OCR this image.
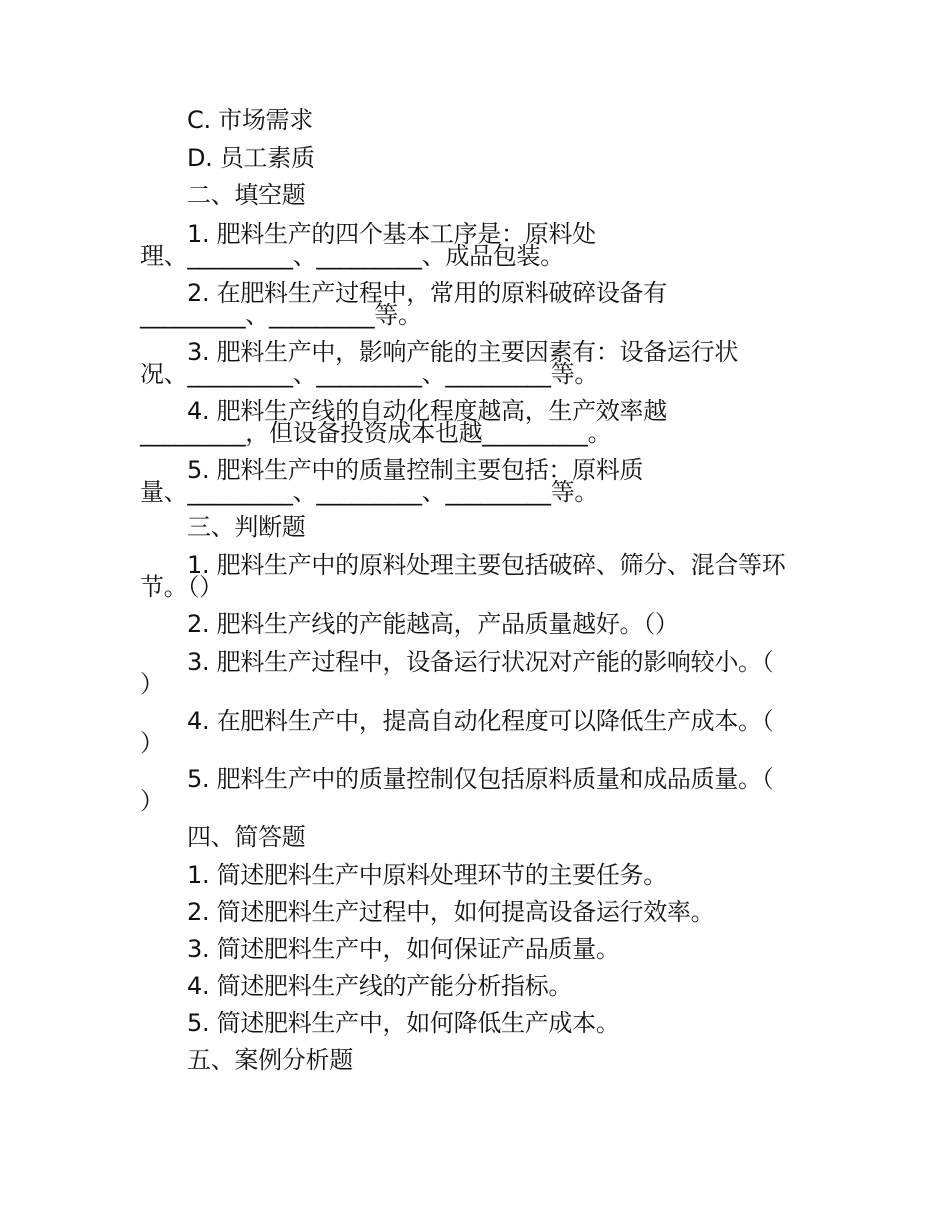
C. 市场需求
D. 员工素质
二、填空题
1. 肥料生产的四个基本工序是：原料处
理、_________、_________、成品包装。
2. 在肥料生产过程中，常用的原料破碎设备有
_________、_________等。
3. 肥料生产中，影响产能的主要因素有：设备运行状
况、_________、_________、_________等。
4. 肥料生产线的自动化程度越高，生产效率越
_________，但设备投资成本也越_________。
5. 肥料生产中的质量控制主要包括：原料质
量、_________、_________、_________等。
三、判断题
1. 肥料生产中的原料处理主要包括破碎、筛分、混合等环
节。（）
2. 肥料生产线的产能越高，产品质量越好。（）
3. 肥料生产过程中，设备运行状况对产能的影响较小。（
）
4. 在肥料生产中，提高自动化程度可以降低生产成本。（
）
5. 肥料生产中的质量控制仅包括原料质量和成品质量。（
）
四、简答题
1. 简述肥料生产中原料处理环节的主要任务。
2. 简述肥料生产过程中，如何提高设备运行效率。
3. 简述肥料生产中，如何保证产品质量。
4. 简述肥料生产线的产能分析指标。
5. 简述肥料生产中，如何降低生产成本。
五、案例分析题
